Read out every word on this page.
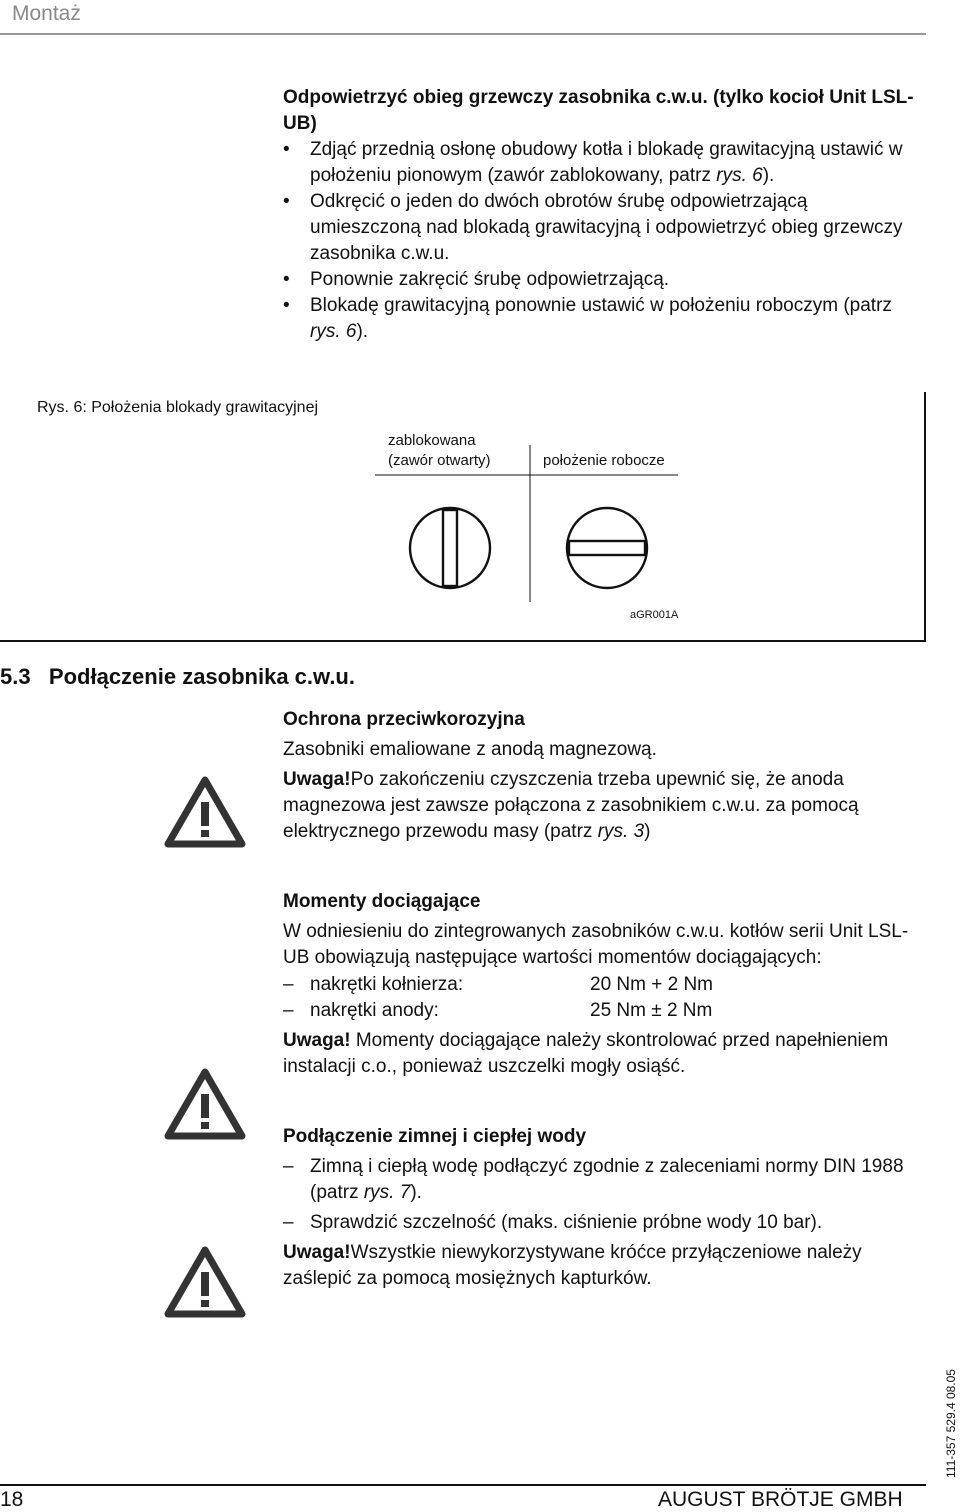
Montaż

Odpowietrzyć obieg grzewczy zasobnika c.w.u. (tylko kocioł Unit LSL-UB)

• Zdjąć przednią osłonę obudowy kotła i blokadę grawitacyjną ustawić w położeniu pionowym (zawór zablokowany, patrz rys. 6).
• Odkręcić o jeden do dwóch obrotów śrubę odpowietrzającą umieszczoną nad blokadą grawitacyjną i odpowietrzyć obieg grzewczy zasobnika c.w.u.
• Ponownie zakręcić śrubę odpowietrzającą.
• Blokadę grawitacyjną ponownie ustawić w położeniu roboczym (patrz rys. 6).
Rys. 6: Położenia blokady grawitacyjnej
zablokowana
(zawór otwarty)	położenie robocze
aGR001A
5.3   Podłączenie zasobnika c.w.u.

Ochrona przeciwkorozyjna

Zasobniki emaliowane z anodą magnezową.

Uwaga!Po zakończeniu czyszczenia trzeba upewnić się, że anoda magnezowa jest zawsze połączona z zasobnikiem c.w.u. za pomocą elektrycznego przewodu masy (patrz rys. 3)

Momenty dociągające

W odniesieniu do zintegrowanych zasobników c.w.u. kotłów serii Unit LSL-UB obowiązują następujące wartości momentów dociągających:

–	nakrętki kołnierza:	20 Nm + 2 Nm
–	nakrętki anody:	25 Nm ± 2 Nm

Uwaga! Momenty dociągające należy skontrolować przed napełnieniem instalacji c.o., ponieważ uszczelki mogły osiąść.

Podłączenie zimnej i ciepłej wody

– Zimną i ciepłą wodę podłączyć zgodnie z zaleceniami normy DIN 1988 (patrz rys. 7).
– Sprawdzić szczelność (maks. ciśnienie próbne wody 10 bar).

Uwaga!Wszystkie niewykorzystywane króćce przyłączeniowe należy zaślepić za pomocą mosiężnych kapturków.

111-357 529.4 08.05
18	AUGUST BRÖTJE GMBH
